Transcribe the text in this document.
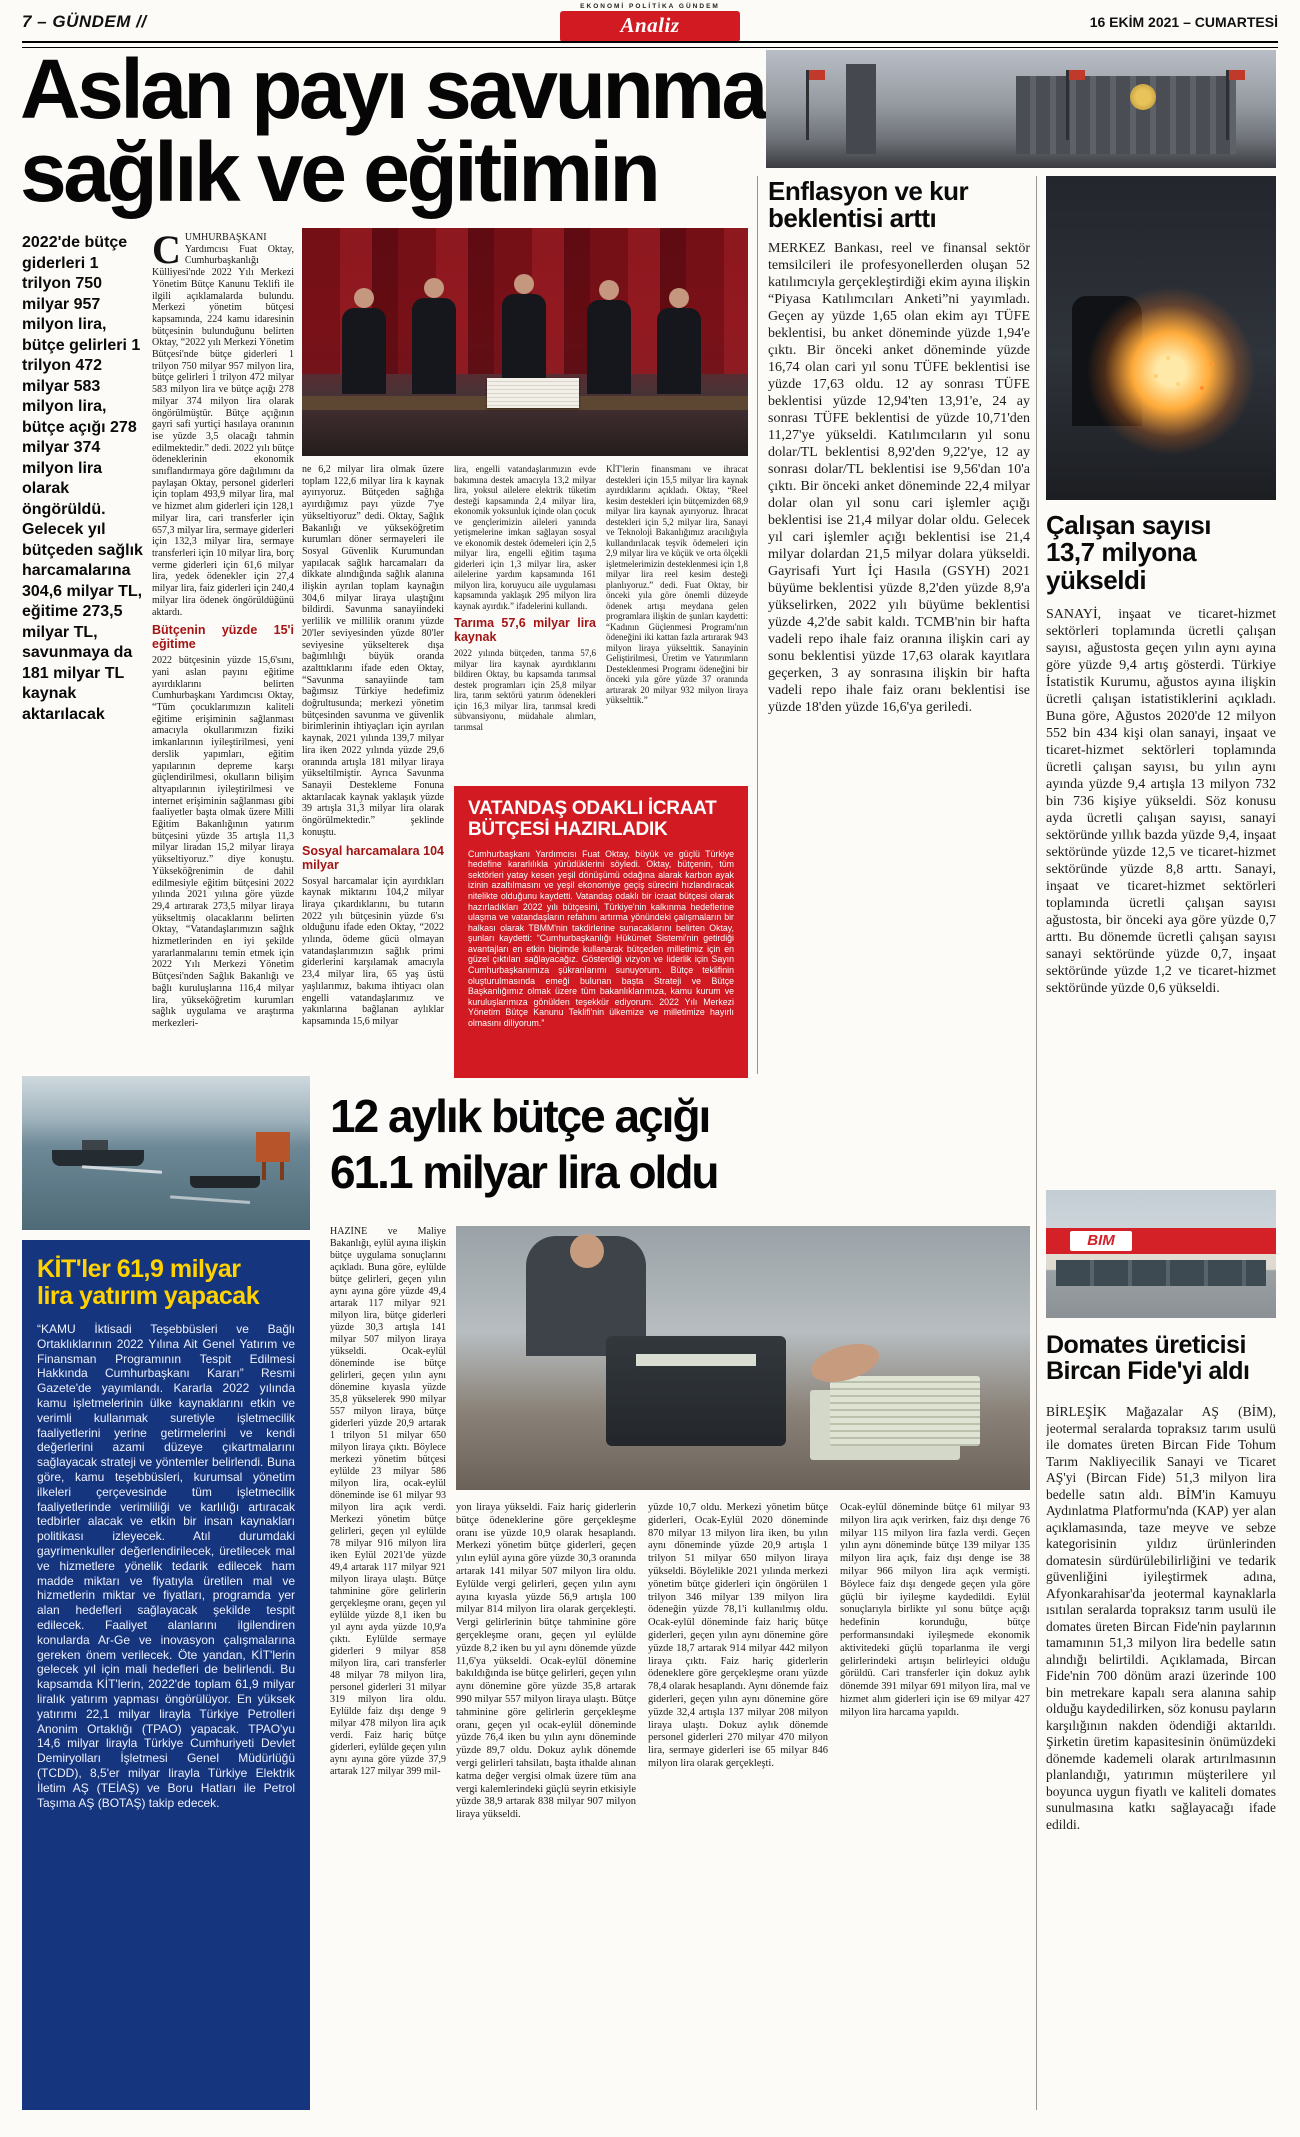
7 – GÜNDEM //
EKONOMİ POLİTİKA GÜNDEM
Analiz	16 EKİM 2021 – CUMARTESİ
Aslan payı savunma
sağlık ve eğitimin
2022'de bütçe giderleri 1 trilyon 750 milyar 957 milyon lira, bütçe gelirleri 1 trilyon 472 milyar 583 milyon lira, bütçe açığı 278 milyar 374 milyon lira olarak öngörüldü. Gelecek yıl bütçeden sağlık harcamalarına 304,6 milyar TL, eğitime 273,5 milyar TL, savunmaya da 181 milyar TL kaynak aktarılacak

CUMHURBAŞKANI Yardımcısı Fuat Oktay, Cumhurbaşkanlığı Külliyesi'nde 2022 Yılı Merkezi Yönetim Bütçe Kanunu Teklifi ile ilgili açıklamalarda bulundu. Merkezi yönetim bütçesi kapsamında, 224 kamu idaresinin bütçesinin bulunduğunu belirten Oktay, “2022 yılı Merkezi Yönetim Bütçesi'nde bütçe giderleri 1 trilyon 750 milyar 957 milyon lira, bütçe gelirleri 1 trilyon 472 milyar 583 milyon lira ve bütçe açığı 278 milyar 374 milyon lira olarak öngörülmüştür. Bütçe açığının gayri safi yurtiçi hasılaya oranının ise yüzde 3,5 olacağı tahmin edilmektedir.” dedi. 2022 yılı bütçe ödeneklerinin ekonomik sınıflandırmaya göre dağılımını da paylaşan Oktay, personel giderleri için toplam 493,9 milyar lira, mal ve hizmet alım giderleri için 128,1 milyar lira, cari transferler için 657,3 milyar lira, sermaye giderleri için 132,3 milyar lira, sermaye transferleri için 10 milyar lira, borç verme giderleri için 61,6 milyar lira, yedek ödenekler için 27,4 milyar lira, faiz giderleri için 240,4 milyar lira ödenek öngörüldüğünü aktardı.

Bütçenin yüzde 15'i eğitime

2022 bütçesinin yüzde 15,6'sını, yani aslan payını eğitime ayırdıklarını belirten Cumhurbaşkanı Yardımcısı Oktay, “Tüm çocuklarımızın kaliteli eğitime erişiminin sağlanması amacıyla okullarımızın fiziki imkanlarının iyileştirilmesi, yeni derslik yapımları, eğitim yapılarının depreme karşı güçlendirilmesi, okulların bilişim altyapılarının iyileştirilmesi ve internet erişiminin sağlanması gibi faaliyetler başta olmak üzere Milli Eğitim Bakanlığının yatırım bütçesini yüzde 35 artışla 11,3 milyar liradan 15,2 milyar liraya yükseltiyoruz.” diye konuştu. Yükseköğrenimin de dahil edilmesiyle eğitim bütçesini 2022 yılında 2021 yılına göre yüzde 29,4 artırarak 273,5 milyar liraya yükseltmiş olacaklarını belirten Oktay, “Vatandaşlarımızın sağlık hizmetlerinden en iyi şekilde yararlanmalarını temin etmek için 2022 Yılı Merkezi Yönetim Bütçesi'nden Sağlık Bakanlığı ve bağlı kuruluşlarına 116,4 milyar lira, yükseköğretim kurumları sağlık uygulama ve araştırma merkezleri-

ne 6,2 milyar lira olmak üzere toplam 122,6 milyar lira k kaynak ayırıyoruz. Bütçeden sağlığa ayırdığımız payı yüzde 7'ye yükseltiyoruz” dedi. Oktay, Sağlık Bakanlığı ve yükseköğretim kurumları döner sermayeleri ile Sosyal Güvenlik Kurumundan yapılacak sağlık harcamaları da dikkate alındığında sağlık alanına ilişkin ayrılan toplam kaynağın 304,6 milyar liraya ulaştığını bildirdi. Savunma sanayiindeki yerlilik ve millilik oranını yüzde 20'ler seviyesinden yüzde 80'ler seviyesine yükselterek dışa bağımlılığı büyük oranda azalttıklarını ifade eden Oktay, “Savunma sanayiinde tam bağımsız Türkiye hedefimiz doğrultusunda; merkezi yönetim bütçesinden savunma ve güvenlik birimlerinin ihtiyaçları için ayrılan kaynak, 2021 yılında 139,7 milyar lira iken 2022 yılında yüzde 29,6 oranında artışla 181 milyar liraya yükseltilmiştir. Ayrıca Savunma Sanayii Destekleme Fonuna aktarılacak kaynak yaklaşık yüzde 39 artışla 31,3 milyar lira olarak öngörülmektedir.” şeklinde konuştu.

Sosyal harcamalara 104 milyar

Sosyal harcamalar için ayırdıkları kaynak miktarını 104,2 milyar liraya çıkardıklarını, bu tutarın 2022 yılı bütçesinin yüzde 6'sı olduğunu ifade eden Oktay, “2022 yılında, ödeme gücü olmayan vatandaşlarımızın sağlık primi giderlerini karşılamak amacıyla 23,4 milyar lira, 65 yaş üstü yaşlılarımız, bakıma ihtiyacı olan engelli vatandaşlarımız ve yakınlarına bağlanan aylıklar kapsamında 15,6 milyar

lira, engelli vatandaşlarımızın evde bakımına destek amacıyla 13,2 milyar lira, yoksul ailelere elektrik tüketim desteği kapsamında 2,4 milyar lira, ekonomik yoksunluk içinde olan çocuk ve gençlerimizin aileleri yanında yetişmelerine imkan sağlayan sosyal ve ekonomik destek ödemeleri için 2,5 milyar lira, engelli eğitim taşıma giderleri için 1,3 milyar lira, asker ailelerine yardım kapsamında 161 milyon lira, koruyucu aile uygulaması kapsamında yaklaşık 295 milyon lira kaynak ayırdık.” ifadelerini kullandı.

Tarıma 57,6 milyar lira kaynak

2022 yılında bütçeden, tarıma 57,6 milyar lira kaynak ayırdıklarını bildiren Oktay, bu kapsamda tarımsal destek programları için 25,8 milyar lira, tarım sektörü yatırım ödenekleri için 16,3 milyar lira, tarımsal kredi sübvansiyonu, müdahale alımları, tarımsal

KİT'lerin finansmanı ve ihracat destekleri için 15,5 milyar lira kaynak ayırdıklarını açıkladı. Oktay, “Reel kesim destekleri için bütçemizden 68,9 milyar lira kaynak ayırıyoruz. İhracat destekleri için 5,2 milyar lira, Sanayi ve Teknoloji Bakanlığımız aracılığıyla kullandırılacak teşvik ödemeleri için 2,9 milyar lira ve küçük ve orta ölçekli işletmelerimizin desteklenmesi için 1,8 milyar lira reel kesim desteği planlıyoruz.” dedi. Fuat Oktay, bir önceki yıla göre önemli düzeyde ödenek artışı meydana gelen programlara ilişkin de şunları kaydetti: “Kadının Güçlenmesi Programı'nın ödeneğini iki kattan fazla artırarak 943 milyon liraya yükselttik. Sanayinin Geliştirilmesi, Üretim ve Yatırımların Desteklenmesi Programı ödeneğini bir önceki yıla göre yüzde 37 oranında artırarak 20 milyar 932 milyon liraya yükselttik.”

VATANDAŞ ODAKLI İCRAAT
BÜTÇESİ HAZIRLADIK
Cumhurbaşkanı Yardımcısı Fuat Oktay, büyük ve güçlü Türkiye hedefine kararlılıkla yürüdüklerini söyledi. Oktay, bütçenin, tüm sektörleri yatay kesen yeşil dönüşümü odağına alarak karbon ayak izinin azaltılmasını ve yeşil ekonomiye geçiş sürecini hızlandıracak nitelikte olduğunu kaydetti. Vatandaş odaklı bir icraat bütçesi olarak hazırladıkları 2022 yılı bütçesini, Türkiye'nin kalkınma hedeflerine ulaşma ve vatandaşların refahını artırma yönündeki çalışmaların bir halkası olarak TBMM'nin takdirlerine sunacaklarını belirten Oktay, şunları kaydetti: “Cumhurbaşkanlığı Hükümet Sistemi'nin getirdiği avantajları en etkin biçimde kullanarak bütçeden milletimiz için en güzel çıktıları sağlayacağız. Gösterdiği vizyon ve liderlik için Sayın Cumhurbaşkanımıza şükranlarımı sunuyorum. Bütçe teklifinin oluşturulmasında emeği bulunan başta Strateji ve Bütçe Başkanlığımız olmak üzere tüm bakanlıklarımıza, kamu kurum ve kuruluşlarımıza gönülden teşekkür ediyorum. 2022 Yılı Merkezi Yönetim Bütçe Kanunu Teklifi'nin ülkemize ve milletimize hayırlı olmasını diliyorum.”
Enflasyon ve kur
beklentisi arttı
MERKEZ Bankası, reel ve finansal sektör temsilcileri ile profesyonellerden oluşan 52 katılımcıyla gerçekleştirdiği ekim ayına ilişkin “Piyasa Katılımcıları Anketi”ni yayımladı. Geçen ay yüzde 1,65 olan ekim ayı TÜFE beklentisi, bu anket döneminde yüzde 1,94'e çıktı. Bir önceki anket döneminde yüzde 16,74 olan cari yıl sonu TÜFE beklentisi ise yüzde 17,63 oldu. 12 ay sonrası TÜFE beklentisi yüzde 12,94'ten 13,91'e, 24 ay sonrası TÜFE beklentisi de yüzde 10,71'den 11,27'ye yükseldi. Katılımcıların yıl sonu dolar/TL beklentisi 8,92'den 9,22'ye, 12 ay sonrası dolar/TL beklentisi ise 9,56'dan 10'a çıktı. Bir önceki anket döneminde 22,4 milyar dolar olan yıl sonu cari işlemler açığı beklentisi ise 21,4 milyar dolar oldu. Gelecek yıl cari işlemler açığı beklentisi ise 21,4 milyar dolardan 21,5 milyar dolara yükseldi. Gayrisafi Yurt İçi Hasıla (GSYH) 2021 büyüme beklentisi yüzde 8,2'den yüzde 8,9'a yükselirken, 2022 yılı büyüme beklentisi yüzde 4,2'de sabit kaldı. TCMB'nin bir hafta vadeli repo ihale faiz oranına ilişkin cari ay sonu beklentisi yüzde 17,63 olarak kayıtlara geçerken, 3 ay sonrasına ilişkin bir hafta vadeli repo ihale faiz oranı beklentisi ise yüzde 18'den yüzde 16,6'ya geriledi.
Çalışan sayısı
13,7 milyona
yükseldi
SANAYİ, inşaat ve ticaret-hizmet sektörleri toplamında ücretli çalışan sayısı, ağustosta geçen yılın aynı ayına göre yüzde 9,4 artış gösterdi. Türkiye İstatistik Kurumu, ağustos ayına ilişkin ücretli çalışan istatistiklerini açıkladı. Buna göre, Ağustos 2020'de 12 milyon 552 bin 434 kişi olan sanayi, inşaat ve ticaret-hizmet sektörleri toplamında ücretli çalışan sayısı, bu yılın aynı ayında yüzde 9,4 artışla 13 milyon 732 bin 736 kişiye yükseldi. Söz konusu ayda ücretli çalışan sayısı, sanayi sektöründe yıllık bazda yüzde 9,4, inşaat sektöründe yüzde 12,5 ve ticaret-hizmet sektöründe yüzde 8,8 arttı. Sanayi, inşaat ve ticaret-hizmet sektörleri toplamında ücretli çalışan sayısı ağustosta, bir önceki aya göre yüzde 0,7 arttı. Bu dönemde ücretli çalışan sayısı sanayi sektöründe yüzde 0,7, inşaat sektöründe yüzde 1,2 ve ticaret-hizmet sektöründe yüzde 0,6 yükseldi.
BIM
Domates üreticisi
Bircan Fide'yi aldı
BİRLEŞİK Mağazalar AŞ (BİM), jeotermal seralarda topraksız tarım usulü ile domates üreten Bircan Fide Tohum Tarım Nakliyecilik Sanayi ve Ticaret AŞ'yi (Bircan Fide) 51,3 milyon lira bedelle satın aldı. BİM'in Kamuyu Aydınlatma Platformu'nda (KAP) yer alan açıklamasında, taze meyve ve sebze kategorisinin yıldız ürünlerinden domatesin sürdürülebilirliğini ve tedarik güvenliğini iyileştirmek adına, Afyonkarahisar'da jeotermal kaynaklarla ısıtılan seralarda topraksız tarım usulü ile domates üreten Bircan Fide'nin paylarının tamamının 51,3 milyon lira bedelle satın alındığı belirtildi. Açıklamada, Bircan Fide'nin 700 dönüm arazi üzerinde 100 bin metrekare kapalı sera alanına sahip olduğu kaydedilirken, söz konusu payların karşılığının nakden ödendiği aktarıldı. Şirketin üretim kapasitesinin önümüzdeki dönemde kademeli olarak artırılmasının planlandığı, yatırımın müşterilere yıl boyunca uygun fiyatlı ve kaliteli domates sunulmasına katkı sağlayacağı ifade edildi.
12 aylık bütçe açığı
61.1 milyar lira oldu
HAZİNE ve Maliye Bakanlığı, eylül ayına ilişkin bütçe uygulama sonuçlarını açıkladı. Buna göre, eylülde bütçe gelirleri, geçen yılın aynı ayına göre yüzde 49,4 artarak 117 milyar 921 milyon lira, bütçe giderleri yüzde 30,3 artışla 141 milyar 507 milyon liraya yükseldi. Ocak-eylül döneminde ise bütçe gelirleri, geçen yılın aynı dönemine kıyasla yüzde 35,8 yükselerek 990 milyar 557 milyon liraya, bütçe giderleri yüzde 20,9 artarak 1 trilyon 51 milyar 650 milyon liraya çıktı. Böylece merkezi yönetim bütçesi eylülde 23 milyar 586 milyon lira, ocak-eylül döneminde ise 61 milyar 93 milyon lira açık verdi. Merkezi yönetim bütçe gelirleri, geçen yıl eylülde 78 milyar 916 milyon lira iken Eylül 2021'de yüzde 49,4 artarak 117 milyar 921 milyon liraya ulaştı. Bütçe tahminine göre gelirlerin gerçekleşme oranı, geçen yıl eylülde yüzde 8,1 iken bu yıl aynı ayda yüzde 10,9'a çıktı. Eylülde sermaye giderleri 9 milyar 858 milyon lira, cari transferler 48 milyar 78 milyon lira, personel giderleri 31 milyar 319 milyon lira oldu. Eylülde faiz dışı denge 9 milyar 478 milyon lira açık verdi. Faiz hariç bütçe giderleri, eylülde geçen yılın aynı ayına göre yüzde 37,9 artarak 127 milyar 399 mil-
yon liraya yükseldi. Faiz hariç giderlerin bütçe ödeneklerine göre gerçekleşme oranı ise yüzde 10,9 olarak hesaplandı. Merkezi yönetim bütçe giderleri, geçen yılın eylül ayına göre yüzde 30,3 oranında artarak 141 milyar 507 milyon lira oldu. Eylülde vergi gelirleri, geçen yılın aynı ayına kıyasla yüzde 56,9 artışla 100 milyar 814 milyon lira olarak gerçekleşti. Vergi gelirlerinin bütçe tahminine göre gerçekleşme oranı, geçen yıl eylülde yüzde 8,2 iken bu yıl aynı dönemde yüzde 11,6'ya yükseldi. Ocak-eylül dönemine bakıldığında ise bütçe gelirleri, geçen yılın aynı dönemine göre yüzde 35,8 artarak 990 milyar 557 milyon liraya ulaştı. Bütçe tahminine göre gelirlerin gerçekleşme oranı, geçen yıl ocak-eylül döneminde yüzde 76,4 iken bu yılın aynı döneminde yüzde 89,7 oldu. Dokuz aylık dönemde vergi gelirleri tahsilatı, başta ithalde alınan katma değer vergisi olmak üzere tüm ana vergi kalemlerindeki güçlü seyrin etkisiyle yüzde 38,9 artarak 838 milyar 907 milyon liraya yükseldi.
yüzde 10,7 oldu. Merkezi yönetim bütçe giderleri, Ocak-Eylül 2020 döneminde 870 milyar 13 milyon lira iken, bu yılın aynı döneminde yüzde 20,9 artışla 1 trilyon 51 milyar 650 milyon liraya yükseldi. Böylelikle 2021 yılında merkezi yönetim bütçe giderleri için öngörülen 1 trilyon 346 milyar 139 milyon lira ödeneğin yüzde 78,1'i kullanılmış oldu. Ocak-eylül döneminde faiz hariç bütçe giderleri, geçen yılın aynı dönemine göre yüzde 18,7 artarak 914 milyar 442 milyon liraya çıktı. Faiz hariç giderlerin ödeneklere göre gerçekleşme oranı yüzde 78,4 olarak hesaplandı. Aynı dönemde faiz giderleri, geçen yılın aynı dönemine göre yüzde 32,4 artışla 137 milyar 208 milyon liraya ulaştı. Dokuz aylık dönemde personel giderleri 270 milyar 470 milyon lira, sermaye giderleri ise 65 milyar 846 milyon lira olarak gerçekleşti.
Ocak-eylül döneminde bütçe 61 milyar 93 milyon lira açık verirken, faiz dışı denge 76 milyar 115 milyon lira fazla verdi. Geçen yılın aynı döneminde bütçe 139 milyar 135 milyon lira açık, faiz dışı denge ise 38 milyar 966 milyon lira açık vermişti. Böylece faiz dışı dengede geçen yıla göre güçlü bir iyileşme kaydedildi. Eylül sonuçlarıyla birlikte yıl sonu bütçe açığı hedefinin korunduğu, bütçe performansındaki iyileşmede ekonomik aktivitedeki güçlü toparlanma ile vergi gelirlerindeki artışın belirleyici olduğu görüldü. Cari transferler için dokuz aylık dönemde 391 milyar 691 milyon lira, mal ve hizmet alım giderleri için ise 69 milyar 427 milyon lira harcama yapıldı.
KİT'ler 61,9 milyar
lira yatırım yapacak
“KAMU İktisadi Teşebbüsleri ve Bağlı Ortaklıklarının 2022 Yılına Ait Genel Yatırım ve Finansman Programının Tespit Edilmesi Hakkında Cumhurbaşkanı Kararı” Resmi Gazete'de yayımlandı. Kararla 2022 yılında kamu işletmelerinin ülke kaynaklarını etkin ve verimli kullanmak suretiyle işletmecilik faaliyetlerini yerine getirmelerini ve kendi değerlerini azami düzeye çıkartmalarını sağlayacak strateji ve yöntemler belirlendi. Buna göre, kamu teşebbüsleri, kurumsal yönetim ilkeleri çerçevesinde tüm işletmecilik faaliyetlerinde verimliliği ve karlılığı artıracak tedbirler alacak ve etkin bir insan kaynakları politikası izleyecek. Atıl durumdaki gayrimenkuller değerlendirilecek, üretilecek mal ve hizmetlere yönelik tedarik edilecek ham madde miktarı ve fiyatıyla üretilen mal ve hizmetlerin miktar ve fiyatları, programda yer alan hedefleri sağlayacak şekilde tespit edilecek. Faaliyet alanlarını ilgilendiren konularda Ar-Ge ve inovasyon çalışmalarına gereken önem verilecek. Öte yandan, KİT'lerin gelecek yıl için mali hedefleri de belirlendi. Bu kapsamda KİT'lerin, 2022'de toplam 61,9 milyar liralık yatırım yapması öngörülüyor. En yüksek yatırımı 22,1 milyar lirayla Türkiye Petrolleri Anonim Ortaklığı (TPAO) yapacak. TPAO'yu 14,6 milyar lirayla Türkiye Cumhuriyeti Devlet Demiryolları İşletmesi Genel Müdürlüğü (TCDD), 8,5'er milyar lirayla Türkiye Elektrik İletim AŞ (TEİAŞ) ve Boru Hatları ile Petrol Taşıma AŞ (BOTAŞ) takip edecek.
